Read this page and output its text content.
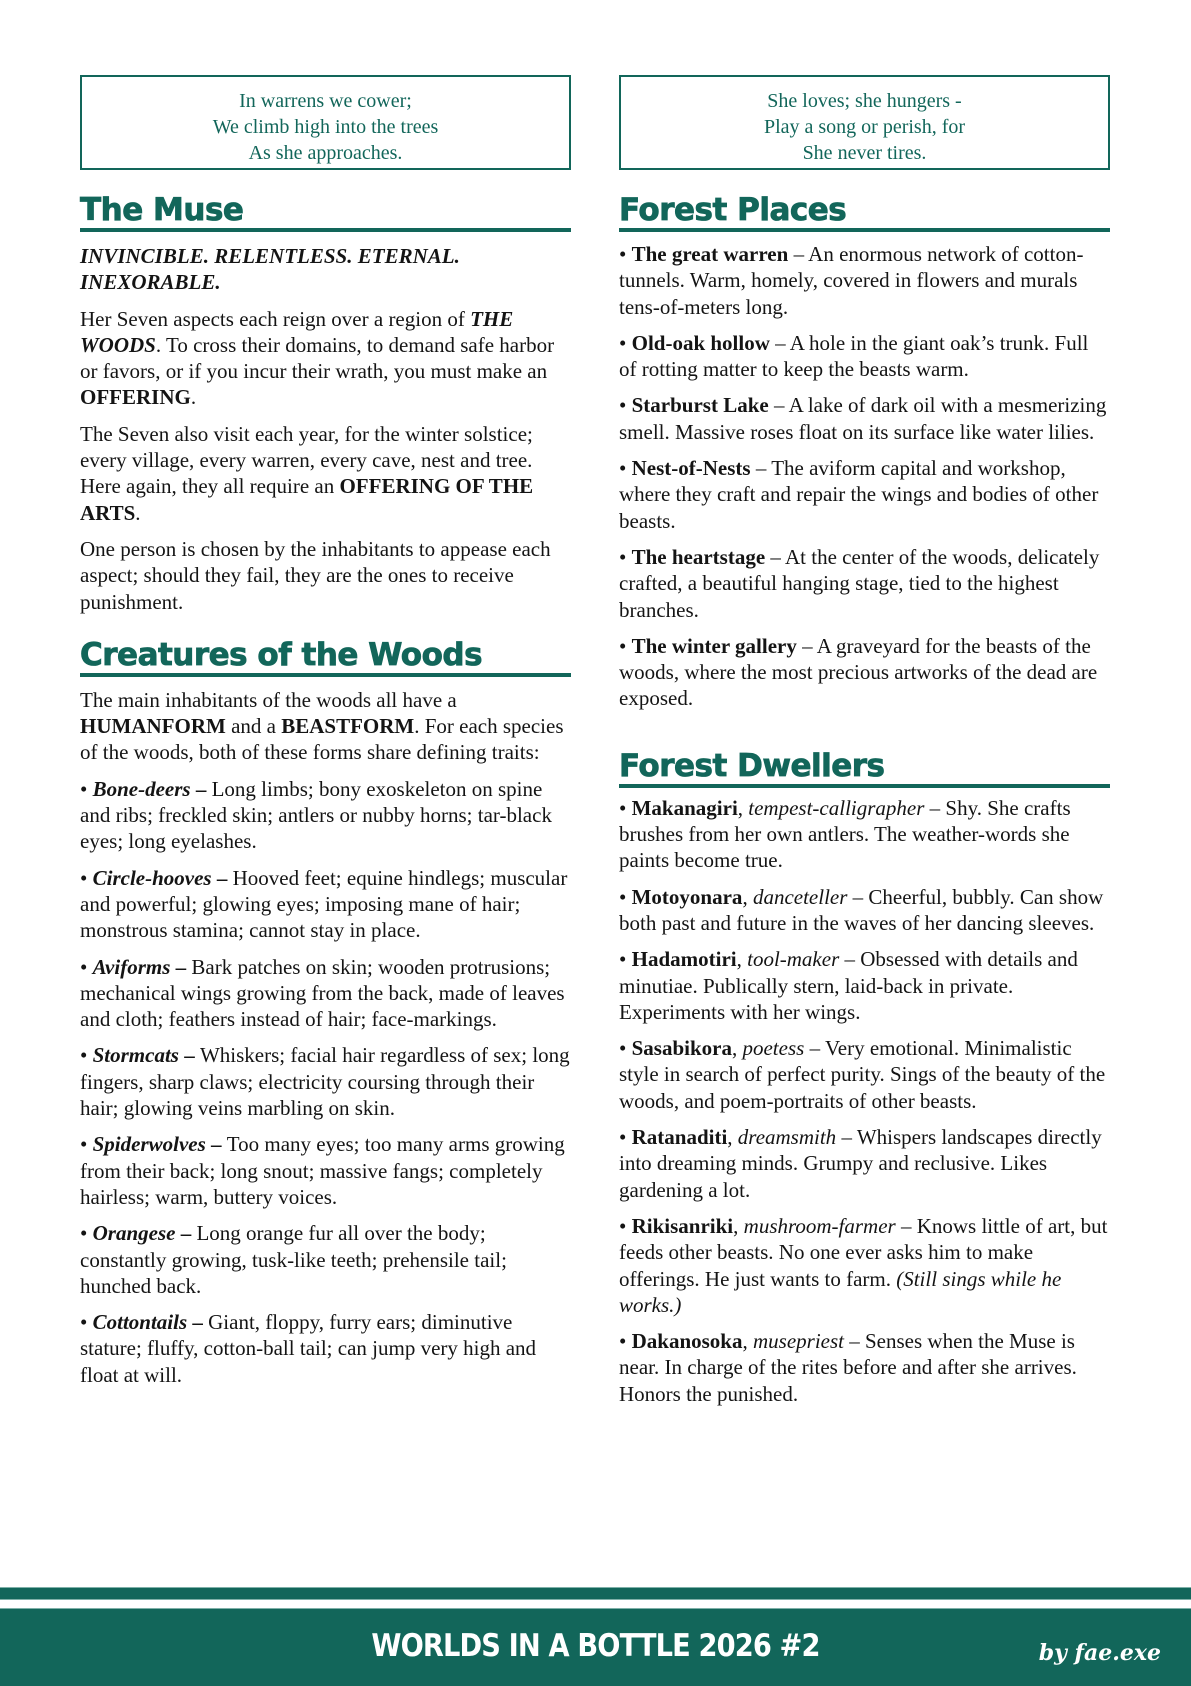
In warrens we cower;
We climb high into the trees
As she approaches.
The Muse

INVINCIBLE. RELENTLESS. ETERNAL. INEXORABLE.

Her Seven aspects each reign over a region of THE WOODS. To cross their domains, to demand safe harbor or favors, or if you incur their wrath, you must make an OFFERING.

The Seven also visit each year, for the winter solstice; every village, every warren, every cave, nest and tree. Here again, they all require an OFFERING OF THE ARTS.

One person is chosen by the inhabitants to appease each aspect; should they fail, they are the ones to receive punishment.

Creatures of the Woods

The main inhabitants of the woods all have a HUMANFORM and a BEASTFORM. For each species of the woods, both of these forms share defining traits:

• Bone-deers – Long limbs; bony exoskeleton on spine and ribs; freckled skin; antlers or nubby horns; tar-black eyes; long eyelashes.

• Circle-hooves – Hooved feet; equine hindlegs; muscular and powerful; glowing eyes; imposing mane of hair; monstrous stamina; cannot stay in place.

• Aviforms – Bark patches on skin; wooden protrusions; mechanical wings growing from the back, made of leaves and cloth; feathers instead of hair; face-markings.

• Stormcats – Whiskers; facial hair regardless of sex; long fingers, sharp claws; electricity coursing through their hair; glowing veins marbling on skin.

• Spiderwolves – Too many eyes; too many arms growing from their back; long snout; massive fangs; completely hairless; warm, buttery voices.

• Orangese – Long orange fur all over the body; constantly growing, tusk-like teeth; prehensile tail; hunched back.

• Cottontails – Giant, floppy, furry ears; diminutive stature; fluffy, cotton-ball tail; can jump very high and float at will.

She loves; she hungers -
Play a song or perish, for
She never tires.
Forest Places

• The great warren – An enormous network of cotton-tunnels. Warm, homely, covered in flowers and murals tens-of-meters long.

• Old-oak hollow – A hole in the giant oak’s trunk. Full of rotting matter to keep the beasts warm.

• Starburst Lake – A lake of dark oil with a mesmerizing smell. Massive roses float on its surface like water lilies.

• Nest-of-Nests – The aviform capital and workshop, where they craft and repair the wings and bodies of other beasts.

• The heartstage – At the center of the woods, delicately crafted, a beautiful hanging stage, tied to the highest branches.

• The winter gallery – A graveyard for the beasts of the woods, where the most precious artworks of the dead are exposed.

Forest Dwellers

• Makanagiri, tempest-calligrapher – Shy. She crafts brushes from her own antlers. The weather-words she paints become true.

• Motoyonara, danceteller – Cheerful, bubbly. Can show both past and future in the waves of her dancing sleeves.

• Hadamotiri, tool-maker – Obsessed with details and minutiae. Publically stern, laid-back in private. Experiments with her wings.

• Sasabikora, poetess – Very emotional. Minimalistic style in search of perfect purity. Sings of the beauty of the woods, and poem-portraits of other beasts.

• Ratanaditi, dreamsmith – Whispers landscapes directly into dreaming minds. Grumpy and reclusive. Likes gardening a lot.

• Rikisanriki, mushroom-farmer – Knows little of art, but feeds other beasts. No one ever asks him to make offerings. He just wants to farm. (Still sings while he works.)

• Dakanosoka, musepriest – Senses when the Muse is near. In charge of the rites before and after she arrives. Honors the punished.

WORLDS IN A BOTTLE 2026 #2	by fae.exe
